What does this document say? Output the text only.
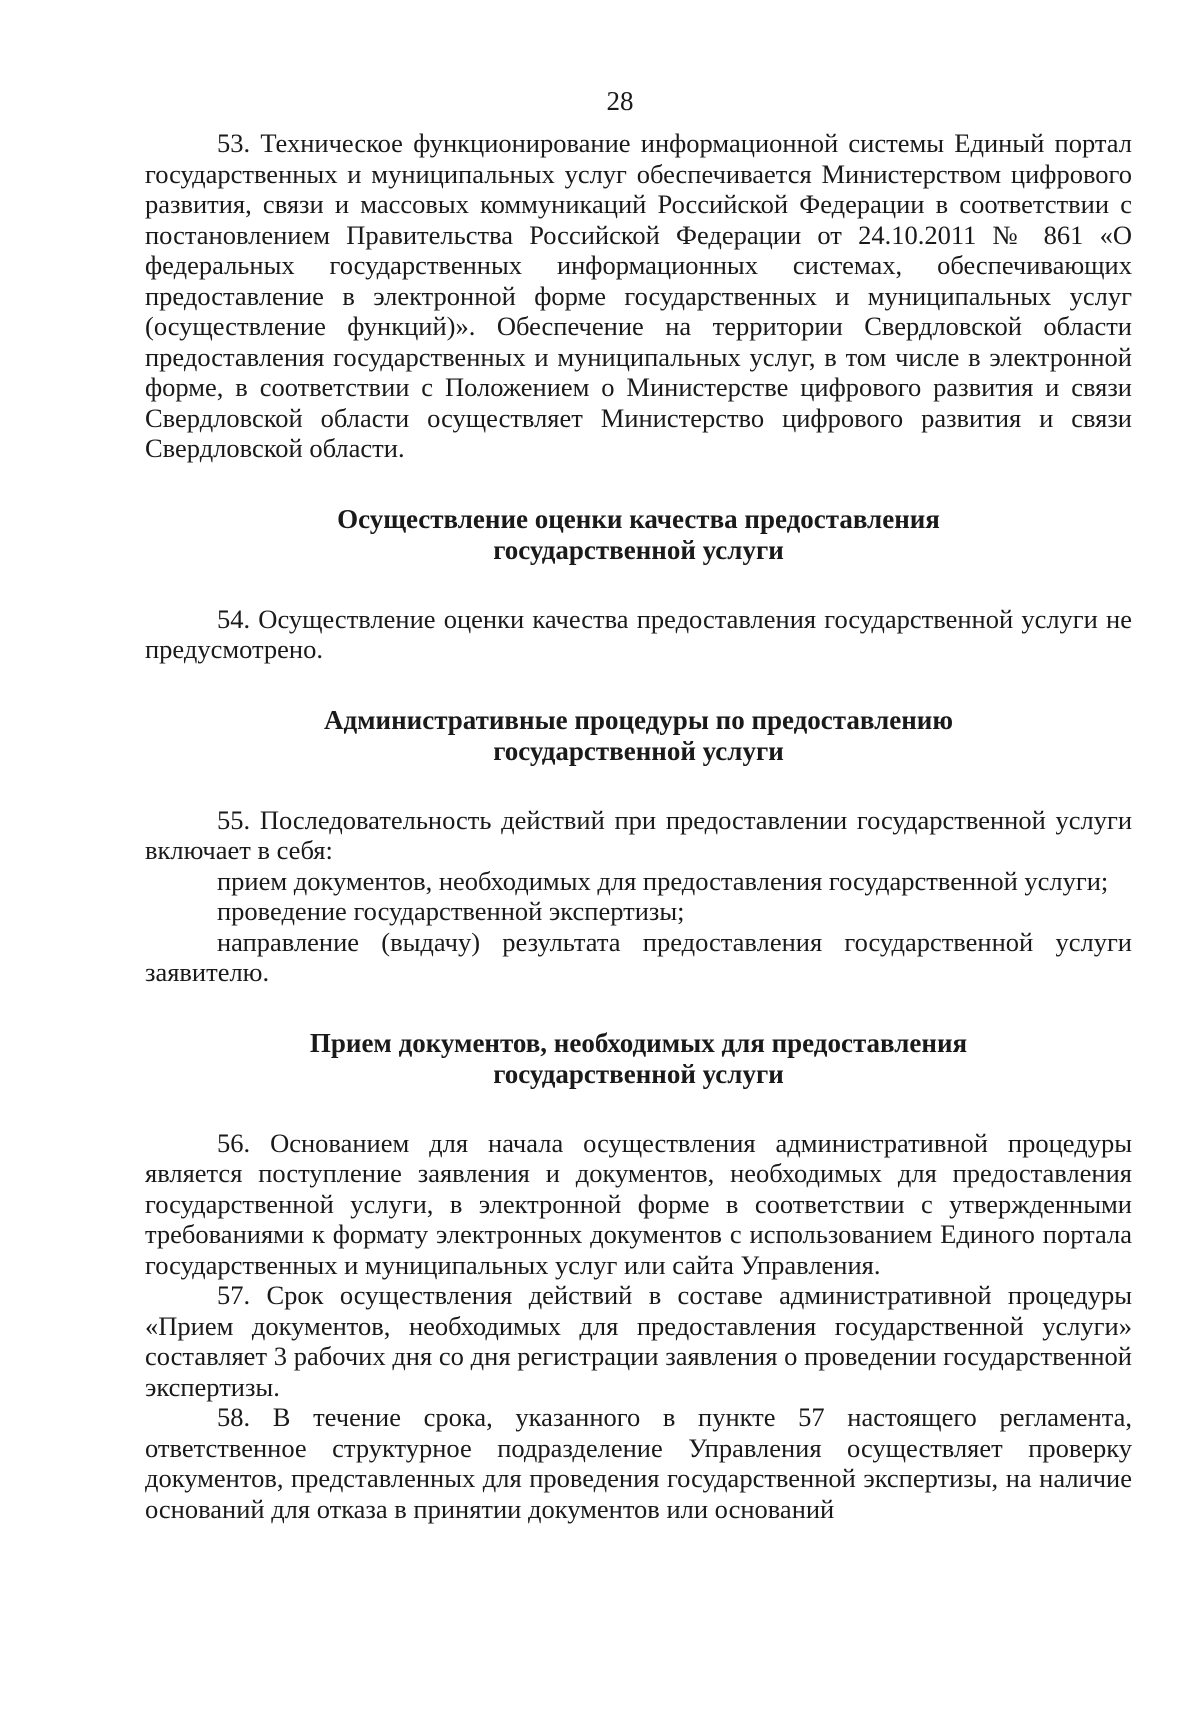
28

53. Техническое функционирование информационной системы Единый портал государственных и муниципальных услуг обеспечивается Министерством цифрового развития, связи и массовых коммуникаций Российской Федерации в соответствии с постановлением Правительства Российской Федерации от 24.10.2011 № 861 «О федеральных государственных информационных системах, обеспечивающих предоставление в электронной форме государственных и муниципальных услуг (осуществление функций)». Обеспечение на территории Свердловской области предоставления государственных и муниципальных услуг, в том числе в электронной форме, в соответствии с Положением о Министерстве цифрового развития и связи Свердловской области осуществляет Министерство цифрового развития и связи Свердловской области.

Осуществление оценки качества предоставления
государственной услуги

54. Осуществление оценки качества предоставления государственной услуги не предусмотрено.

Административные процедуры по предоставлению
государственной услуги

55. Последовательность действий при предоставлении государственной услуги включает в себя:

прием документов, необходимых для предоставления государственной услуги;

проведение государственной экспертизы;

направление (выдачу) результата предоставления государственной услуги заявителю.

Прием документов, необходимых для предоставления
государственной услуги

56. Основанием для начала осуществления административной процедуры является поступление заявления и документов, необходимых для предоставления государственной услуги, в электронной форме в соответствии с утвержденными требованиями к формату электронных документов с использованием Единого портала государственных и муниципальных услуг или сайта Управления.

57. Срок осуществления действий в составе административной процедуры «Прием документов, необходимых для предоставления государственной услуги» составляет 3 рабочих дня со дня регистрации заявления о проведении государственной экспертизы.

58. В течение срока, указанного в пункте 57 настоящего регламента, ответственное структурное подразделение Управления осуществляет проверку документов, представленных для проведения государственной экспертизы, на наличие оснований для отказа в принятии документов или оснований
